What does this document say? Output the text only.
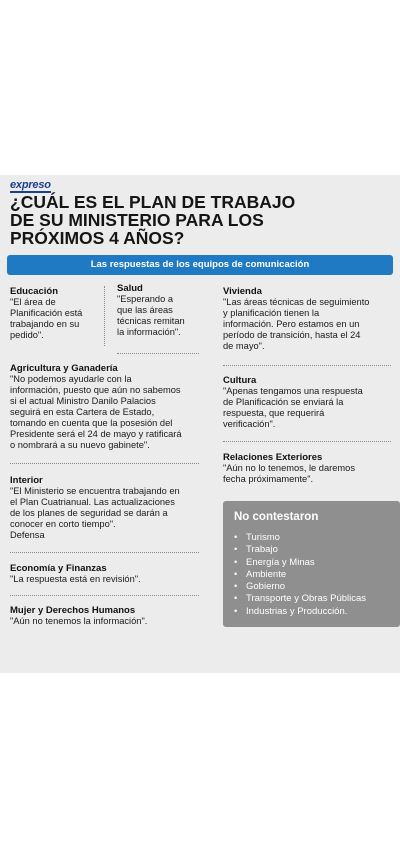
expreso
¿CUÁL ES EL PLAN DE TRABAJO
DE SU MINISTERIO PARA LOS
PRÓXIMOS 4 AÑOS?
Las respuestas de los equipos de comunicación
Educación

"El área de

Planificación está

trabajando en su

pedido".

Salud

"Esperando a

que las áreas

técnicas remitan

la información".

Vivienda

"Las áreas técnicas de seguimiento

y planificación tienen la

información. Pero estamos en un

período de transición, hasta el 24

de mayo".

Agricultura y Ganadería

"No podemos ayudarle con la

información, puesto que aún no sabemos

si el actual Ministro Danilo Palacios

seguirá en esta Cartera de Estado,

tomando en cuenta que la posesión del

Presidente será el 24 de mayo y ratificará

o nombrará a su nuevo gabinete".

Cultura

"Apenas tengamos una respuesta

de Planificación se enviará la

respuesta, que requerirá

verificación".

Relaciones Exteriores

"Aún no lo tenemos, le daremos

fecha próximamente".

Interior

"El Ministerio se encuentra trabajando en

el Plan Cuatrianual. Las actualizaciones

de los planes de seguridad se darán a

conocer en corto tiempo".

Defensa

Economía y Finanzas

"La respuesta está en revisión".

Mujer y Derechos Humanos

"Aún no tenemos la información".

No contestaron
• Turismo
• Trabajo
• Energía y Minas
• Ambiente
• Gobierno
• Transporte y Obras Públicas
• Industrias y Producción.
